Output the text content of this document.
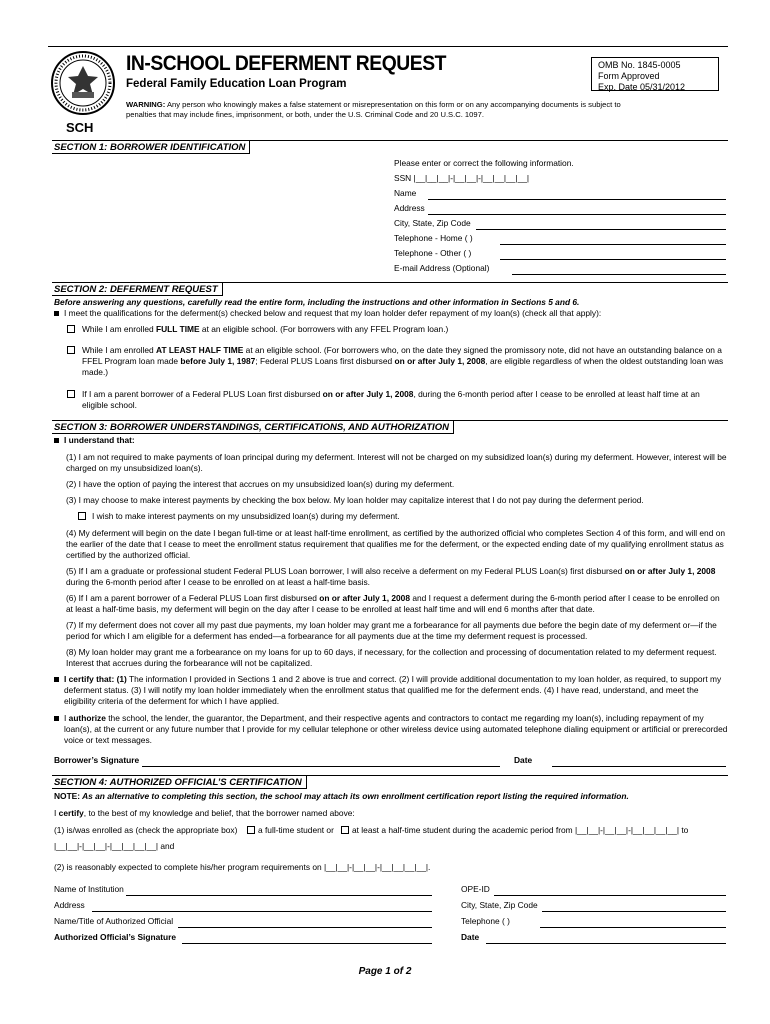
IN-SCHOOL DEFERMENT REQUEST
Federal Family Education Loan Program
OMB No. 1845-0005
Form Approved
Exp. Date 05/31/2012
WARNING: Any person who knowingly makes a false statement or misrepresentation on this form or on any accompanying documents is subject to penalties that may include fines, imprisonment, or both, under the U.S. Criminal Code and 20 U.S.C. 1097.
SCH
SECTION 1: BORROWER IDENTIFICATION
Please enter or correct the following information.
SSN |__|__|__|-|__|__|-|__|__|__|__|
Name
Address
City, State, Zip Code
Telephone - Home ( )
Telephone - Other ( )
E-mail Address (Optional)
SECTION 2: DEFERMENT REQUEST
Before answering any questions, carefully read the entire form, including the instructions and other information in Sections 5 and 6.
I meet the qualifications for the deferment(s) checked below and request that my loan holder defer repayment of my loan(s) (check all that apply):
While I am enrolled FULL TIME at an eligible school. (For borrowers with any FFEL Program loan.)
While I am enrolled AT LEAST HALF TIME at an eligible school. (For borrowers who, on the date they signed the promissory note, did not have an outstanding balance on a FFEL Program loan made before July 1, 1987; Federal PLUS Loans first disbursed on or after July 1, 2008, are eligible regardless of when the oldest outstanding loan was made.)
If I am a parent borrower of a Federal PLUS Loan first disbursed on or after July 1, 2008, during the 6-month period after I cease to be enrolled at least half time at an eligible school.
SECTION 3: BORROWER UNDERSTANDINGS, CERTIFICATIONS, AND AUTHORIZATION
I understand that:
(1) I am not required to make payments of loan principal during my deferment. Interest will not be charged on my subsidized loan(s) during my deferment. However, interest will be charged on my unsubsidized loan(s).
(2) I have the option of paying the interest that accrues on my unsubsidized loan(s) during my deferment.
(3) I may choose to make interest payments by checking the box below. My loan holder may capitalize interest that I do not pay during the deferment period.
I wish to make interest payments on my unsubsidized loan(s) during my deferment.
(4) My deferment will begin on the date I began full-time or at least half-time enrollment, as certified by the authorized official who completes Section 4 of this form, and will end on the earlier of the date that I cease to meet the enrollment status requirement that qualifies me for the deferment, or the expected ending date of my qualifying enrollment status as certified by the authorized official.
(5) If I am a graduate or professional student Federal PLUS Loan borrower, I will also receive a deferment on my Federal PLUS Loan(s) first disbursed on or after July 1, 2008 during the 6-month period after I cease to be enrolled on at least a half-time basis.
(6) If I am a parent borrower of a Federal PLUS Loan first disbursed on or after July 1, 2008 and I request a deferment during the 6-month period after I cease to be enrolled on at least a half-time basis, my deferment will begin on the day after I cease to be enrolled at least half time and will end 6 months after that date.
(7) If my deferment does not cover all my past due payments, my loan holder may grant me a forbearance for all payments due before the begin date of my deferment or—if the period for which I am eligible for a deferment has ended—a forbearance for all payments due at the time my deferment request is processed.
(8) My loan holder may grant me a forbearance on my loans for up to 60 days, if necessary, for the collection and processing of documentation related to my deferment request. Interest that accrues during the forbearance will not be capitalized.
I certify that: (1) The information I provided in Sections 1 and 2 above is true and correct. (2) I will provide additional documentation to my loan holder, as required, to support my deferment status. (3) I will notify my loan holder immediately when the enrollment status that qualified me for the deferment ends. (4) I have read, understand, and meet the eligibility criteria of the deferment for which I have applied.
I authorize the school, the lender, the guarantor, the Department, and their respective agents and contractors to contact me regarding my loan(s), including repayment of my loan(s), at the current or any future number that I provide for my cellular telephone or other wireless device using automated telephone dialing equipment or artificial or prerecorded voice or text messages.
Borrower’s Signature	Date
SECTION 4: AUTHORIZED OFFICIAL’S CERTIFICATION
NOTE: As an alternative to completing this section, the school may attach its own enrollment certification report listing the required information.
I certify, to the best of my knowledge and belief, that the borrower named above:
(1) is/was enrolled as (check the appropriate box) a full-time student or at least a half-time student during the academic period from |__|__|-|__|__|-|__|__|__|__| to
|__|__|-|__|__|-|__|__|__|__| and
(2) is reasonably expected to complete his/her program requirements on |__|__|-|__|__|-|__|__|__|__|.
Name of Institution
Address
Name/Title of Authorized Official
Authorized Official’s Signature
OPE-ID
City, State, Zip Code
Telephone ( )
Date
Page 1 of 2
